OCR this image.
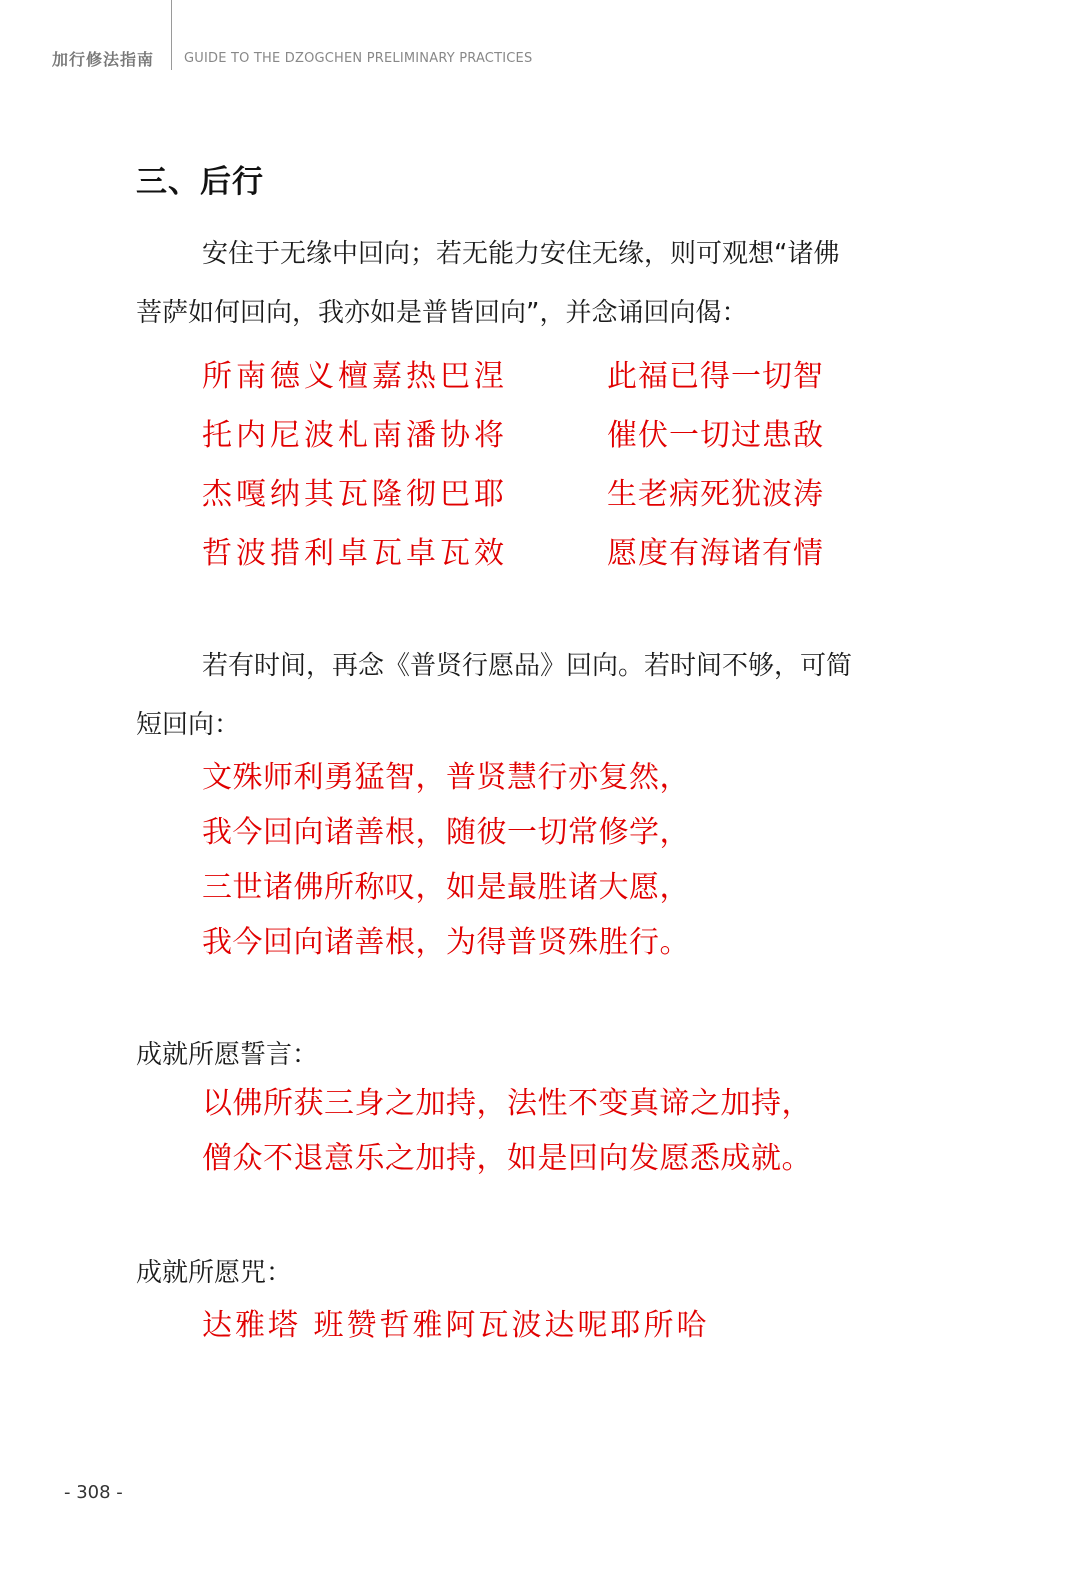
加行修法指南 GUIDE TO THE DZOGCHEN PRELIMINARY PRACTICES
三、后行
安住于无缘中回向；若无能力安住无缘，则可观想“诸佛
菩萨如何回向，我亦如是普皆回向”，并念诵回向偈：
所南德义檀嘉热巴涅	此福已得一切智
托内尼波札南潘协将	催伏一切过患敌
杰嘎纳其瓦隆彻巴耶	生老病死犹波涛
哲波措利卓瓦卓瓦效	愿度有海诸有情
若有时间，再念《普贤行愿品》回向。若时间不够，可简
短回向：
文殊师利勇猛智，普贤慧行亦复然，
我今回向诸善根，随彼一切常修学，
三世诸佛所称叹，如是最胜诸大愿，
我今回向诸善根，为得普贤殊胜行。
成就所愿誓言：
以佛所获三身之加持，法性不变真谛之加持，
僧众不退意乐之加持，如是回向发愿悉成就。
成就所愿咒：
达雅塔 班赞哲雅阿瓦波达呢耶所哈
- 308 -
